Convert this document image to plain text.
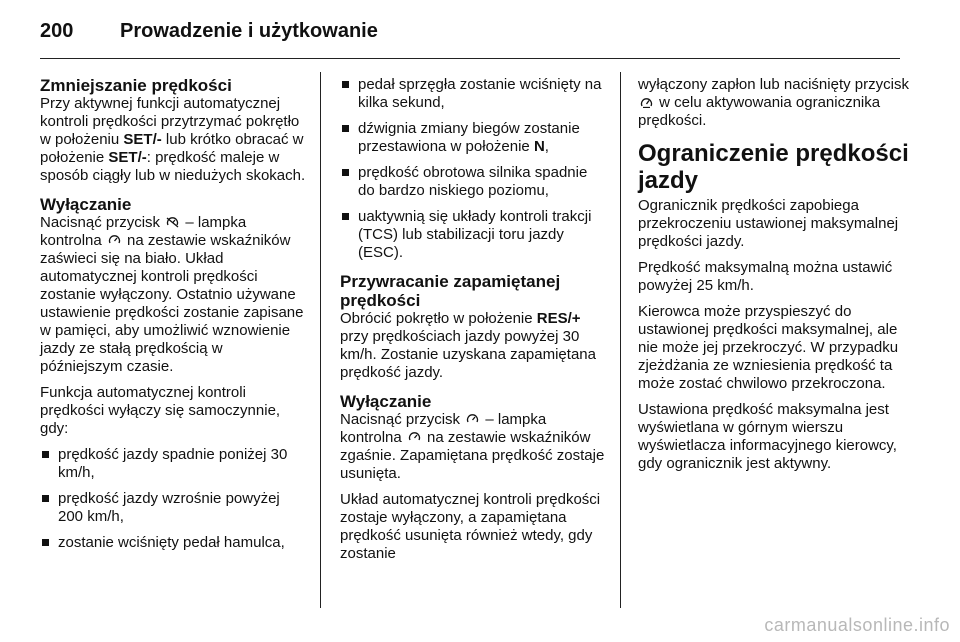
200	Prowadzenie i użytkowanie
Zmniejszanie prędkości

Przy aktywnej funkcji automatycznej kontroli prędkości przytrzymać pokrętło w położeniu SET/- lub krótko obracać w położenie SET/-: prędkość maleje w sposób ciągły lub w niedużych skokach.

Wyłączanie

Nacisnąć przycisk  – lampka kontrolna  na zestawie wskaźników zaświeci się na biało. Układ automatycznej kontroli prędkości zostanie wyłączony. Ostatnio używane ustawienie prędkości zostanie zapisane w pamięci, aby umożliwić wznowienie jazdy ze stałą prędkością w późniejszym czasie.

Funkcja automatycznej kontroli prędkości wyłączy się samoczynnie, gdy:

prędkość jazdy spadnie poniżej 30 km/h,
prędkość jazdy wzrośnie powyżej 200 km/h,
zostanie wciśnięty pedał hamulca,
pedał sprzęgła zostanie wciśnięty na kilka sekund,
dźwignia zmiany biegów zostanie przestawiona w położenie N,
prędkość obrotowa silnika spadnie do bardzo niskiego poziomu,
uaktywnią się układy kontroli trakcji (TCS) lub stabilizacji toru jazdy (ESC).
Przywracanie zapamiętanej prędkości

Obrócić pokrętło w położenie RES/+ przy prędkościach jazdy powyżej 30 km/h. Zostanie uzyskana zapamiętana prędkość jazdy.

Wyłączanie

Nacisnąć przycisk  – lampka kontrolna  na zestawie wskaźników zgaśnie. Zapamiętana prędkość zostaje usunięta.

Układ automatycznej kontroli prędkości zostaje wyłączony, a zapamiętana prędkość usunięta również wtedy, gdy zostanie

wyłączony zapłon lub naciśnięty przycisk  w celu aktywowania ogranicznika prędkości.

Ograniczenie prędkości jazdy

Ogranicznik prędkości zapobiega przekroczeniu ustawionej maksymalnej prędkości jazdy.

Prędkość maksymalną można ustawić powyżej 25 km/h.

Kierowca może przyspieszyć do ustawionej prędkości maksymalnej, ale nie może jej przekroczyć. W przypadku zjeżdżania ze wzniesienia prędkość ta może zostać chwilowo przekroczona.

Ustawiona prędkość maksymalna jest wyświetlana w górnym wierszu wyświetlacza informacyjnego kierowcy, gdy ogranicznik jest aktywny.

carmanualsonline.info
